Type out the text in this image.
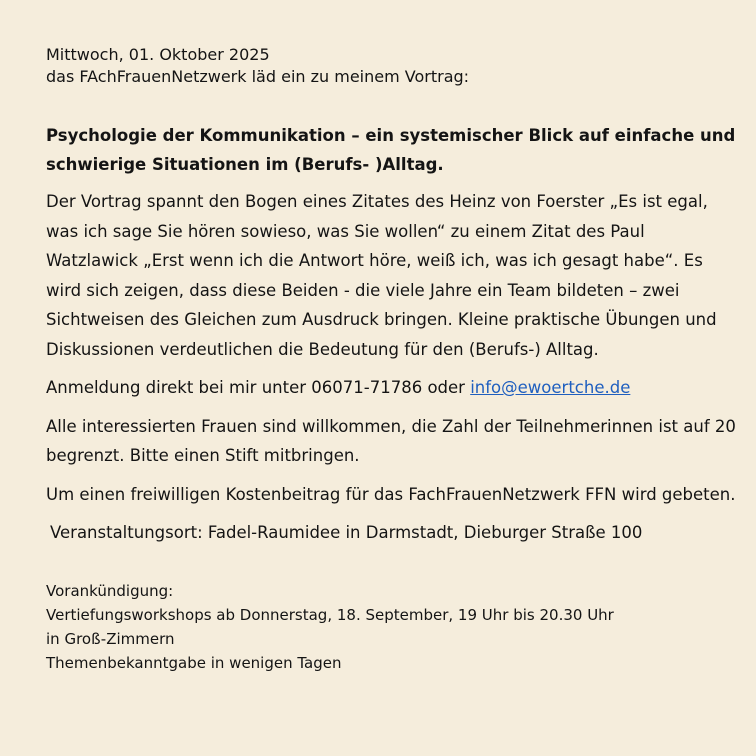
Mittwoch, 01. Oktober 2025

das FAchFrauenNetzwerk läd ein zu meinem Vortrag:

Psychologie der Kommunikation – ein systemischer Blick auf einfache und schwierige Situationen im (Berufs- )Alltag.

Der Vortrag spannt den Bogen eines Zitates des Heinz von Foerster „Es ist egal, was ich sage Sie hören sowieso, was Sie wollen“ zu einem Zitat des Paul Watzlawick „Erst wenn ich die Antwort höre, weiß ich, was ich gesagt habe“. Es wird sich zeigen, dass diese Beiden - die viele Jahre ein Team bildeten – zwei Sichtweisen des Gleichen zum Ausdruck bringen. Kleine praktische Übungen und Diskussionen verdeutlichen die Bedeutung für den (Berufs-) Alltag.

Anmeldung direkt bei mir unter 06071-71786 oder info@ewoertche.de

Alle interessierten Frauen sind willkommen, die Zahl der Teilnehmerinnen ist auf 20 begrenzt. Bitte einen Stift mitbringen.

Um einen freiwilligen Kostenbeitrag für das FachFrauenNetzwerk FFN wird gebeten.

Veranstaltungsort: Fadel-Raumidee in Darmstadt, Dieburger Straße 100

Vorankündigung:

Vertiefungsworkshops ab Donnerstag, 18. September, 19 Uhr bis 20.30 Uhr

in Groß-Zimmern

Themenbekanntgabe in wenigen Tagen
